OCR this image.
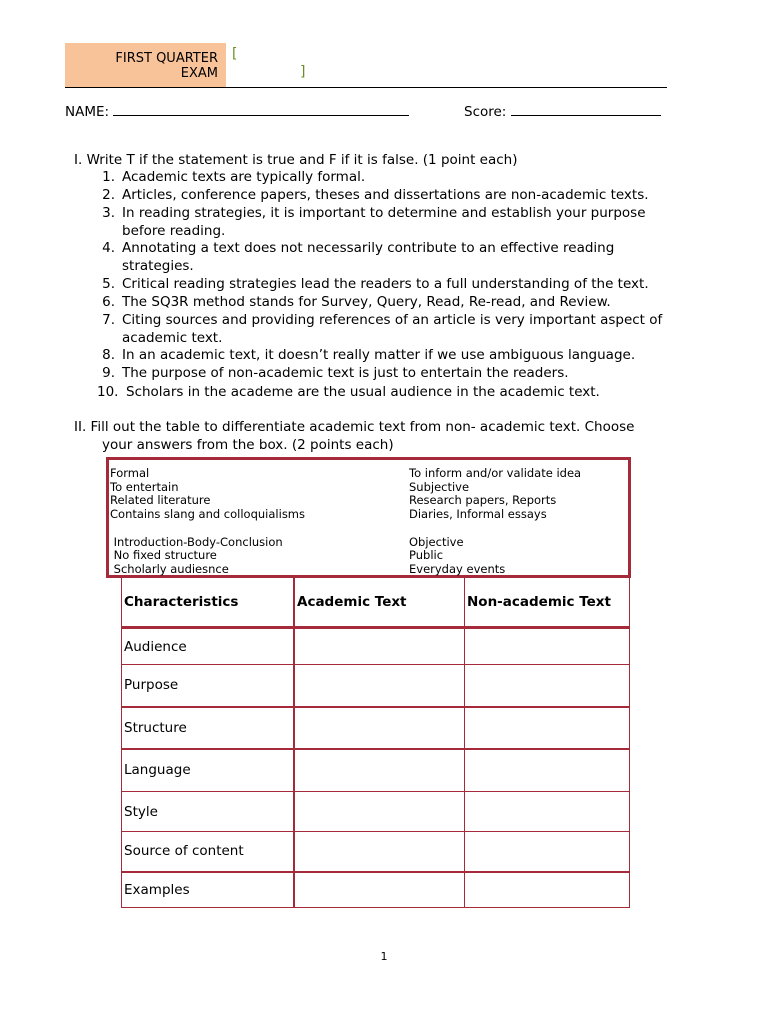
FIRST QUARTER
EXAM
[
]
NAME:	Score:
I. Write T if the statement is true and F if it is false. (1 point each)
1. Academic texts are typically formal.
2. Articles, conference papers, theses and dissertations are non-academic texts.
3. In reading strategies, it is important to determine and establish your purpose before reading.
4. Annotating a text does not necessarily contribute to an effective reading strategies.
5. Critical reading strategies lead the readers to a full understanding of the text.
6. The SQ3R method stands for Survey, Query, Read, Re-read, and Review.
7. Citing sources and providing references of an article is very important aspect of academic text.
8. In an academic text, it doesn’t really matter if we use ambiguous language.
9. The purpose of non-academic text is just to entertain the readers.
10. Scholars in the academe are the usual audience in the academic text.
II. Fill out the table to differentiate academic text from non- academic text. Choose
your answers from the box. (2 points each)
Formal
To entertain
Related literature
Contains slang and colloquialisms
Introduction-Body-Conclusion
No fixed structure
Scholarly audiesnce
To inform and/or validate idea
Subjective
Research papers, Reports
Diaries, Informal essays
Objective
Public
Everyday events
Characteristics	Academic Text	Non-academic Text
Audience		
Purpose		
Structure		
Language		
Style		
Source of content		
Examples		
1
